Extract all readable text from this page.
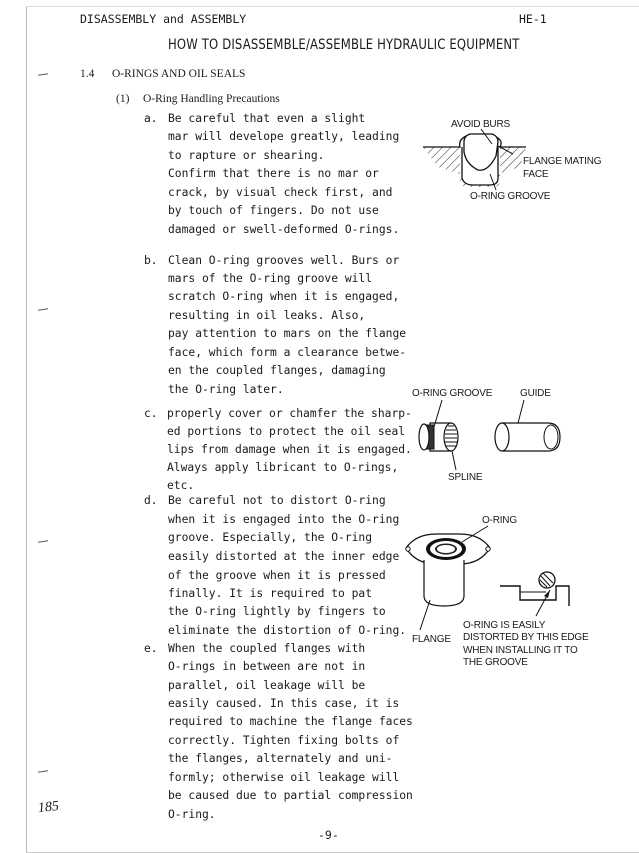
DISASSEMBLY and ASSEMBLY	HE-1
HOW TO DISASSEMBLE/ASSEMBLE HYDRAULIC EQUIPMENT
1.4 O-RINGS AND OIL SEALS
(1) O-Ring Handling Precautions
a. Be careful that even a slight
mar will develope greatly, leading
to rapture or shearing.
Confirm that there is no mar or
crack, by visual check first, and
by touch of fingers. Do not use
damaged or swell-deformed O-rings.
b. Clean O-ring grooves well. Burs or
mars of the O-ring groove will
scratch O-ring when it is engaged,
resulting in oil leaks. Also,
pay attention to mars on the flange
face, which form a clearance betwe-
en the coupled flanges, damaging
the O-ring later.
c. properly cover or chamfer the sharp-
ed portions to protect the oil seal
lips from damage when it is engaged.
Always apply libricant to O-rings,
etc.
d. Be careful not to distort O-ring
when it is engaged into the O-ring
groove. Especially, the O-ring
easily distorted at the inner edge
of the groove when it is pressed
finally. It is required to pat
the O-ring lightly by fingers to
eliminate the distortion of O-ring.
e. When the coupled flanges with
O-rings in between are not in
parallel, oil leakage will be
easily caused. In this case, it is
required to machine the flange faces
correctly. Tighten fixing bolts of
the flanges, alternately and uni-
formly; otherwise oil leakage will
be caused due to partial compression
O-ring.
185
-9-
AVOID BURS
FLANGE MATING
FACE
O-RING GROOVE
O-RING GROOVE	GUIDE
SPLINE
O-RING
FLANGE
O-RING IS EASILY
DISTORTED BY THIS EDGE
WHEN INSTALLING IT TO
THE GROOVE
